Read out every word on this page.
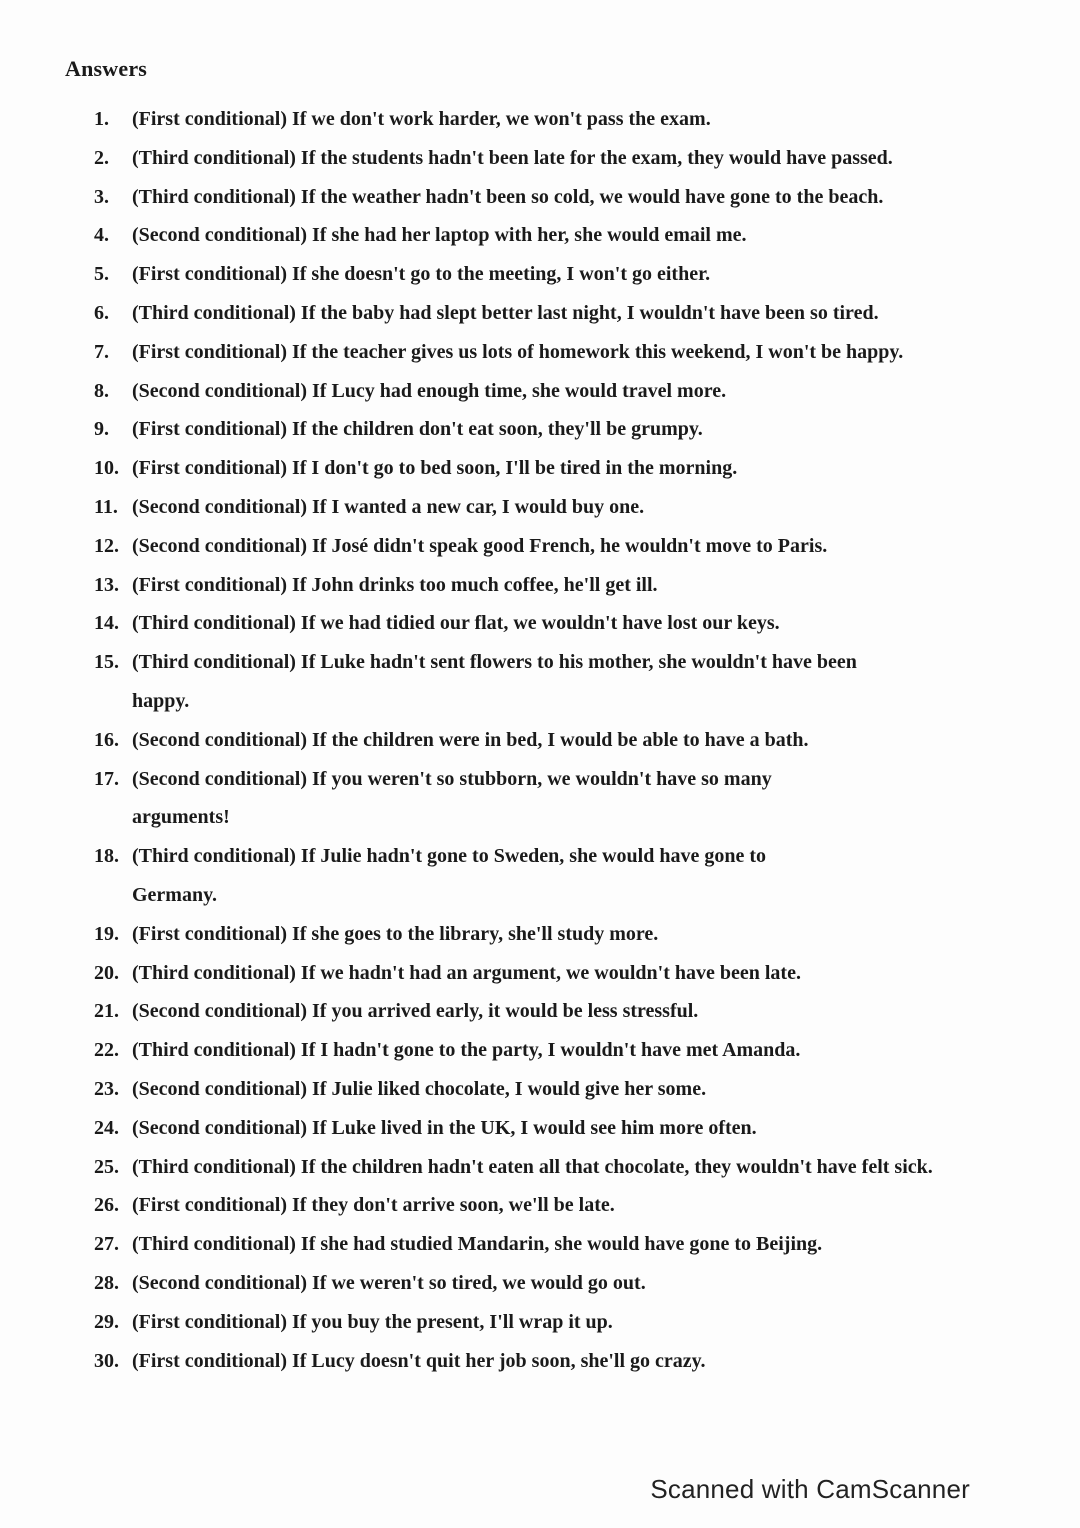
Answers
1.	(First conditional) If we don't work harder, we won't pass the exam.
2.	(Third conditional) If the students hadn't been late for the exam, they would have passed.
3.	(Third conditional) If the weather hadn't been so cold, we would have gone to the beach.
4.	(Second conditional) If she had her laptop with her, she would email me.
5.	(First conditional) If she doesn't go to the meeting, I won't go either.
6.	(Third conditional) If the baby had slept better last night, I wouldn't have been so tired.
7.	(First conditional) If the teacher gives us lots of homework this weekend, I won't be happy.
8.	(Second conditional) If Lucy had enough time, she would travel more.
9.	(First conditional) If the children don't eat soon, they'll be grumpy.
10. (First conditional) If I don't go to bed soon, I'll be tired in the morning.
11. (Second conditional) If I wanted a new car, I would buy one.
12. (Second conditional) If José didn't speak good French, he wouldn't move to Paris.
13. (First conditional) If John drinks too much coffee, he'll get ill.
14. (Third conditional) If we had tidied our flat, we wouldn't have lost our keys.
15. (Third conditional) If Luke hadn't sent flowers to his mother, she wouldn't have been happy.
16. (Second conditional) If the children were in bed, I would be able to have a bath.
17. (Second conditional) If you weren't so stubborn, we wouldn't have so many arguments!
18. (Third conditional) If Julie hadn't gone to Sweden, she would have gone to Germany.
19. (First conditional) If she goes to the library, she'll study more.
20. (Third conditional) If we hadn't had an argument, we wouldn't have been late.
21. (Second conditional) If you arrived early, it would be less stressful.
22. (Third conditional) If I hadn't gone to the party, I wouldn't have met Amanda.
23. (Second conditional) If Julie liked chocolate, I would give her some.
24. (Second conditional) If Luke lived in the UK, I would see him more often.
25. (Third conditional) If the children hadn't eaten all that chocolate, they wouldn't have felt sick.
26. (First conditional) If they don't arrive soon, we'll be late.
27. (Third conditional) If she had studied Mandarin, she would have gone to Beijing.
28. (Second conditional) If we weren't so tired, we would go out.
29. (First conditional) If you buy the present, I'll wrap it up.
30. (First conditional) If Lucy doesn't quit her job soon, she'll go crazy.
Scanned with CamScanner
